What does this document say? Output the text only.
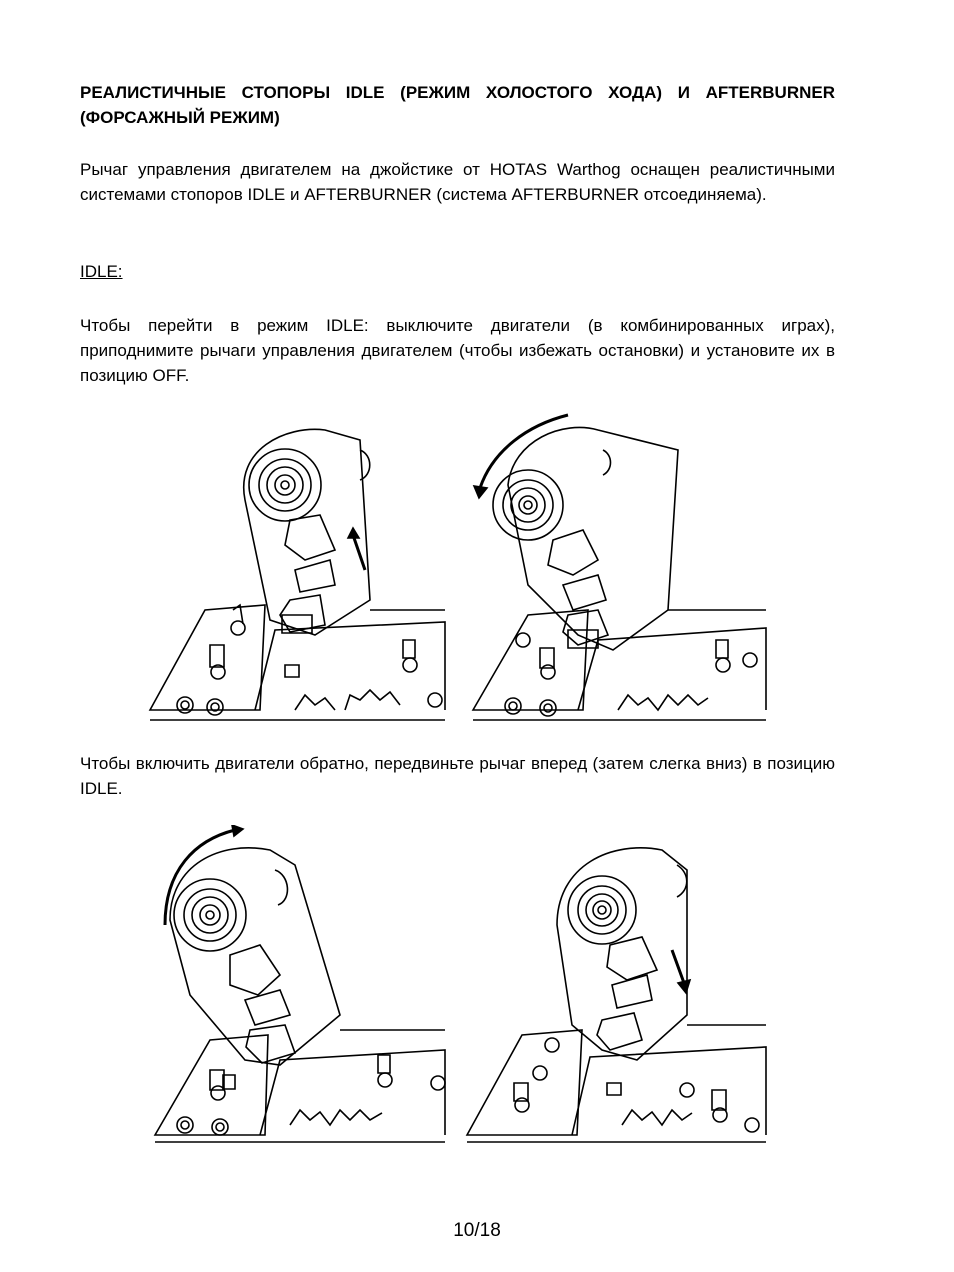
РЕАЛИСТИЧНЫЕ СТОПОРЫ IDLE (РЕЖИМ ХОЛОСТОГО ХОДА) И AFTERBURNER (ФОРСАЖНЫЙ РЕЖИМ)
Рычаг управления двигателем на джойстике от HOTAS Warthog оснащен реалистичными системами стопоров IDLE и AFTERBURNER (система AFTERBURNER отсоединяема).
IDLE:
Чтобы перейти в режим IDLE: выключите двигатели (в комбинированных играх), приподнимите рычаги управления двигателем (чтобы избежать остановки) и установите их в позицию OFF.
Чтобы включить двигатели обратно, передвиньте рычаг вперед (затем слегка вниз) в позицию IDLE.
10/18
